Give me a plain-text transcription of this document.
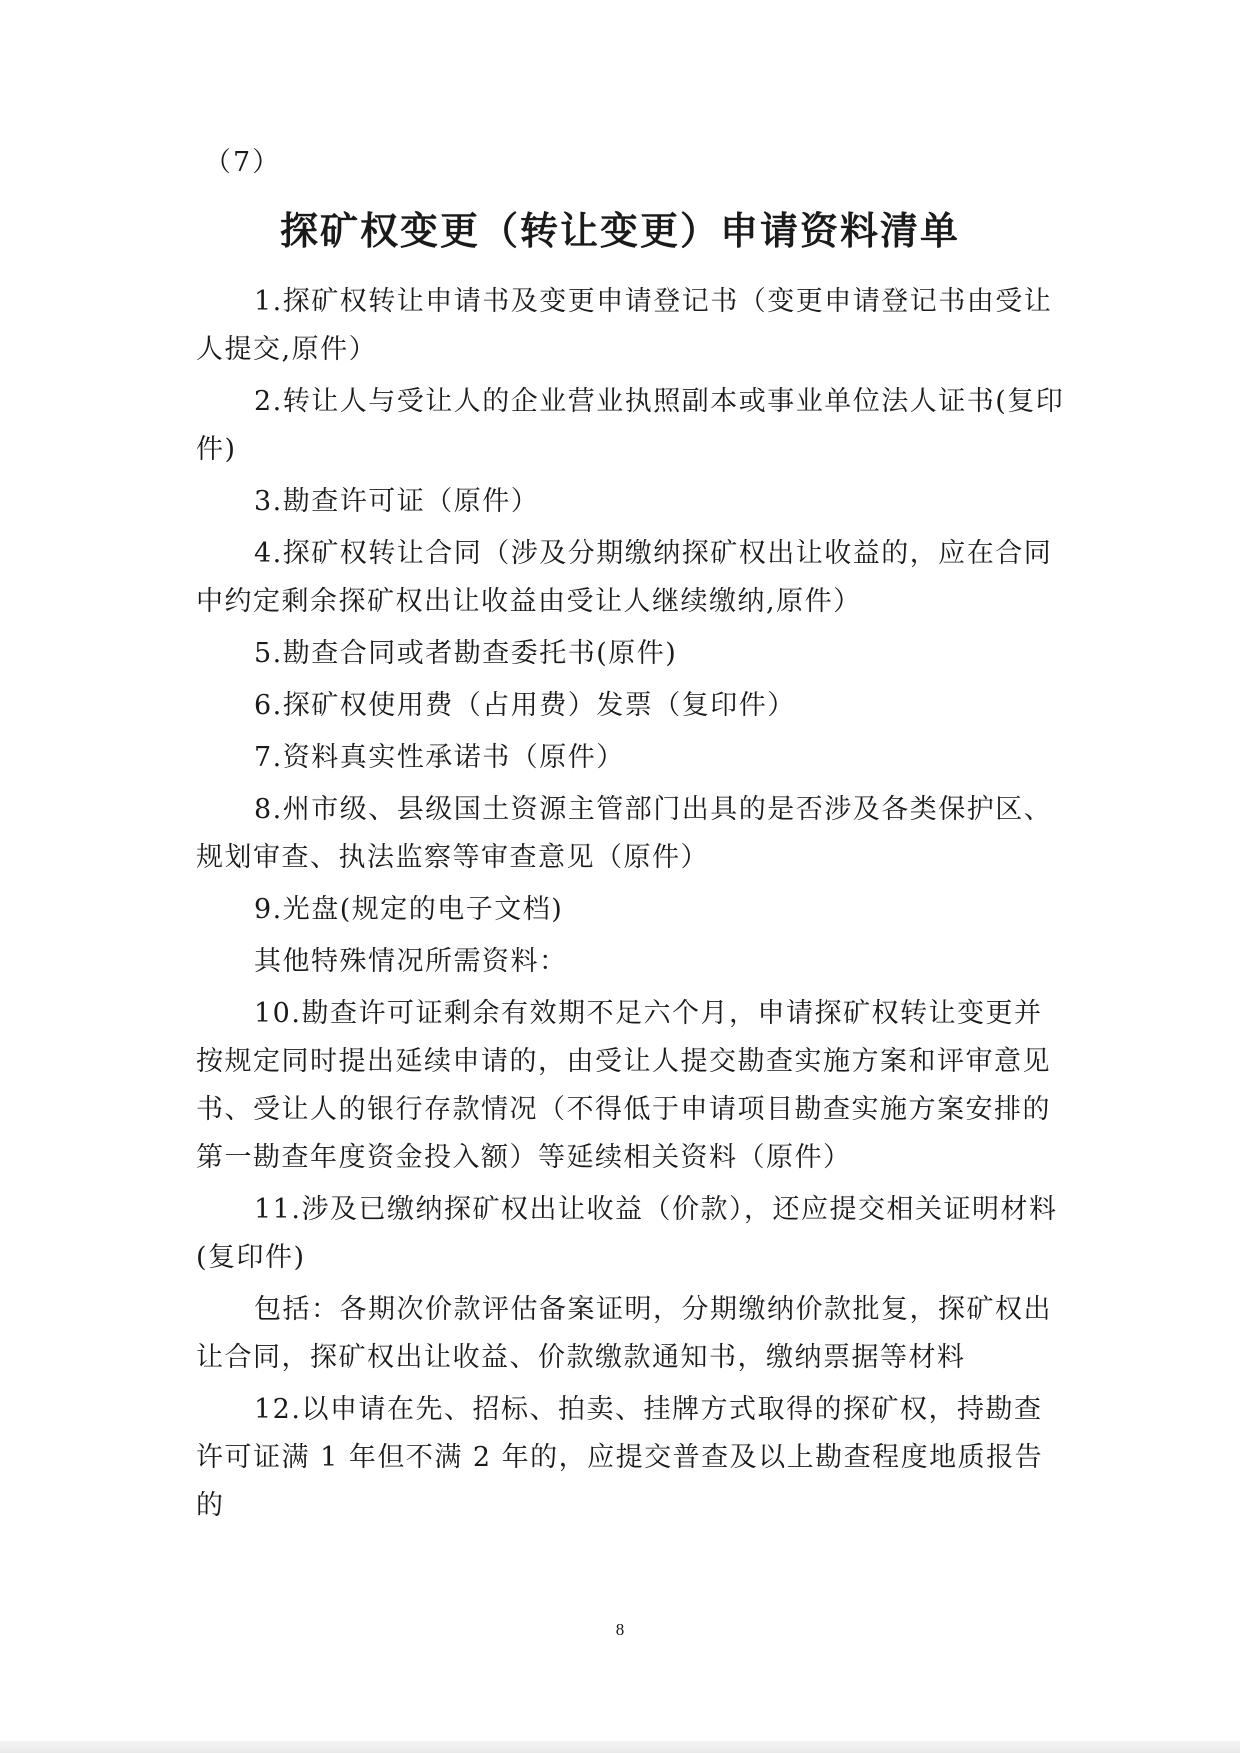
（7）
探矿权变更（转让变更）申请资料清单

1.探矿权转让申请书及变更申请登记书（变更申请登记书由受让人提交,原件）

2.转让人与受让人的企业营业执照副本或事业单位法人证书(复印件)

3.勘查许可证（原件）

4.探矿权转让合同（涉及分期缴纳探矿权出让收益的，应在合同中约定剩余探矿权出让收益由受让人继续缴纳,原件）

5.勘查合同或者勘查委托书(原件)

6.探矿权使用费（占用费）发票（复印件）

7.资料真实性承诺书（原件）

8.州市级、县级国土资源主管部门出具的是否涉及各类保护区、规划审查、执法监察等审查意见（原件）

9.光盘(规定的电子文档)

其他特殊情况所需资料：

10.勘查许可证剩余有效期不足六个月，申请探矿权转让变更并按规定同时提出延续申请的，由受让人提交勘查实施方案和评审意见书、受让人的银行存款情况（不得低于申请项目勘查实施方案安排的第一勘查年度资金投入额）等延续相关资料（原件）

11.涉及已缴纳探矿权出让收益（价款），还应提交相关证明材料(复印件)

包括：各期次价款评估备案证明，分期缴纳价款批复，探矿权出让合同，探矿权出让收益、价款缴款通知书，缴纳票据等材料

12.以申请在先、招标、拍卖、挂牌方式取得的探矿权，持勘查许可证满 1 年但不满 2 年的，应提交普查及以上勘查程度地质报告的

8
